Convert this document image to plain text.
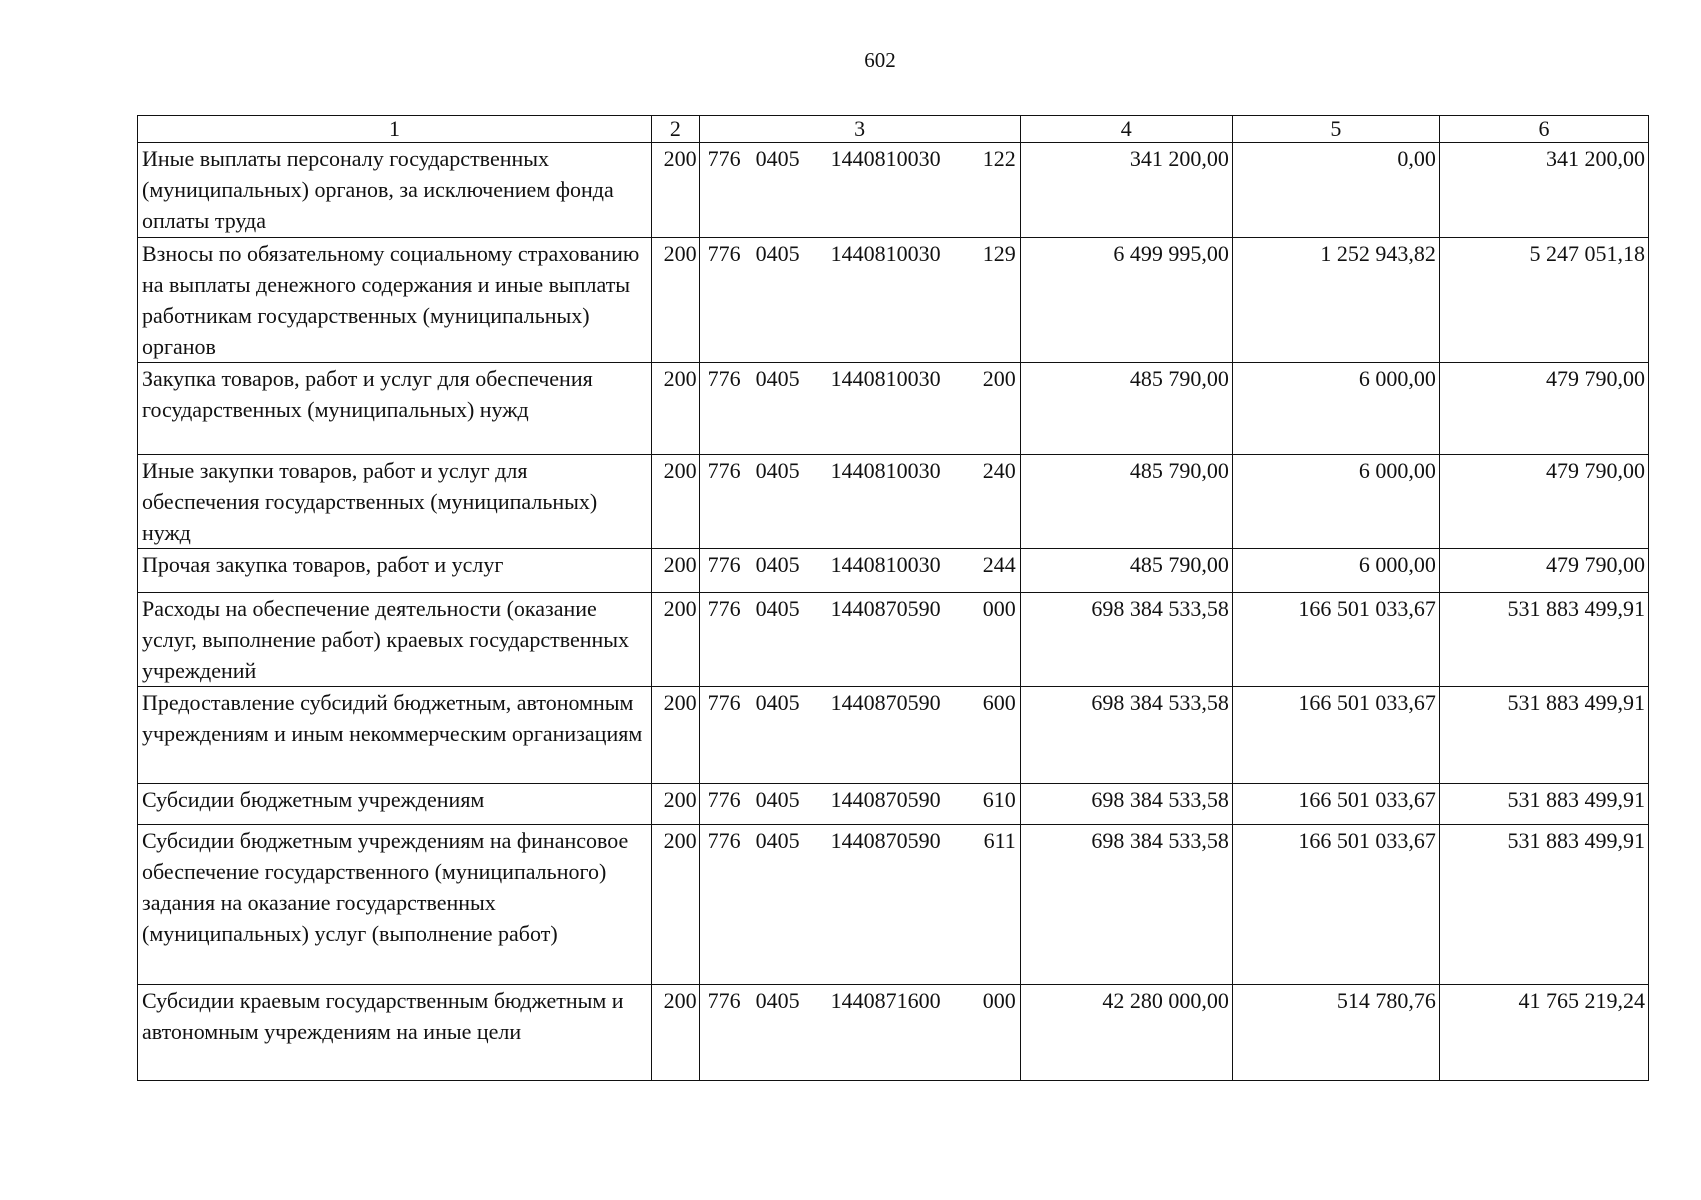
602
1	2	3	4	5	6
Иные выплаты персоналу государственных (муниципальных) органов, за исключением фонда оплаты труда	200	776 0405 1440810030 122	341 200,00	0,00	341 200,00
Взносы по обязательному социальному страхованию на выплаты денежного содержания и иные выплаты работникам государственных (муниципальных) органов	200	776 0405 1440810030 129	6 499 995,00	1 252 943,82	5 247 051,18
Закупка товаров, работ и услуг для обеспечения государственных (муниципальных) нужд	200	776 0405 1440810030 200	485 790,00	6 000,00	479 790,00
Иные закупки товаров, работ и услуг для обеспечения государственных (муниципальных) нужд	200	776 0405 1440810030 240	485 790,00	6 000,00	479 790,00
Прочая закупка товаров, работ и услуг	200	776 0405 1440810030 244	485 790,00	6 000,00	479 790,00
Расходы на обеспечение деятельности (оказание услуг, выполнение работ) краевых государственных учреждений	200	776 0405 1440870590 000	698 384 533,58	166 501 033,67	531 883 499,91
Предоставление субсидий бюджетным, автономным учреждениям и иным некоммерческим организациям	200	776 0405 1440870590 600	698 384 533,58	166 501 033,67	531 883 499,91
Субсидии бюджетным учреждениям	200	776 0405 1440870590 610	698 384 533,58	166 501 033,67	531 883 499,91
Субсидии бюджетным учреждениям на финансовое обеспечение государственного (муниципального) задания на оказание государственных (муниципальных) услуг (выполнение работ)	200	776 0405 1440870590 611	698 384 533,58	166 501 033,67	531 883 499,91
Субсидии краевым государственным бюджетным и автономным учреждениям на иные цели	200	776 0405 1440871600 000	42 280 000,00	514 780,76	41 765 219,24
